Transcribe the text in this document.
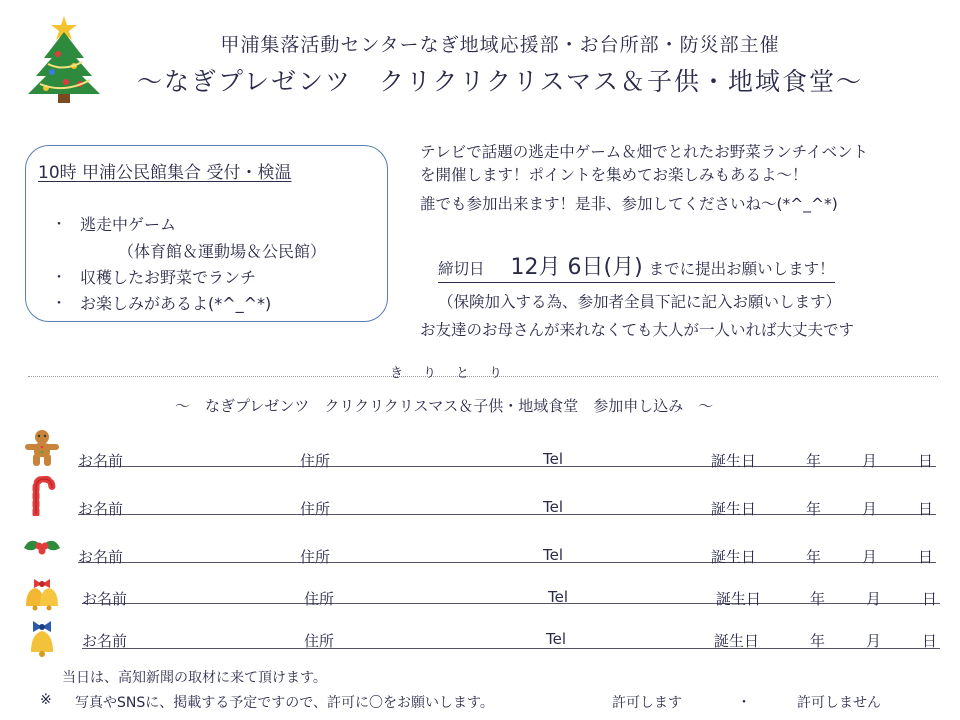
甲浦集落活動センターなぎ地域応援部・お台所部・防災部主催
～なぎプレゼンツ　クリクリクリスマス＆子供・地域食堂～
10時 甲浦公民館集合 受付・検温
・ 逃走中ゲーム
（体育館＆運動場＆公民館）
・ 収穫したお野菜でランチ
・ お楽しみがあるよ(*^_^*)
テレビで話題の逃走中ゲーム＆畑でとれたお野菜ランチイベント
を開催します！ポイントを集めてお楽しみもあるよ～！
誰でも参加出来ます！是非、参加してくださいね～(*^_^*)
締切日 12月 6日(月) までに提出お願いします！
（保険加入する為、参加者全員下記に記入お願いします）
お友達のお母さんが来れなくても大人が一人いれば大丈夫です
きりとり
～　なぎプレゼンツ　クリクリクリスマス＆子供・地域食堂　参加申し込み　～
お名前	住所	Tel	誕生日	年	月	日
お名前	住所	Tel	誕生日	年	月	日
お名前	住所	Tel	誕生日	年	月	日
お名前	住所	Tel	誕生日	年	月	日
お名前	住所	Tel	誕生日	年	月	日
当日は、高知新聞の取材に来て頂けます。
※ 写真やSNSに、掲載する予定ですので、許可に〇をお願いします。	許可します	・	許可しません
